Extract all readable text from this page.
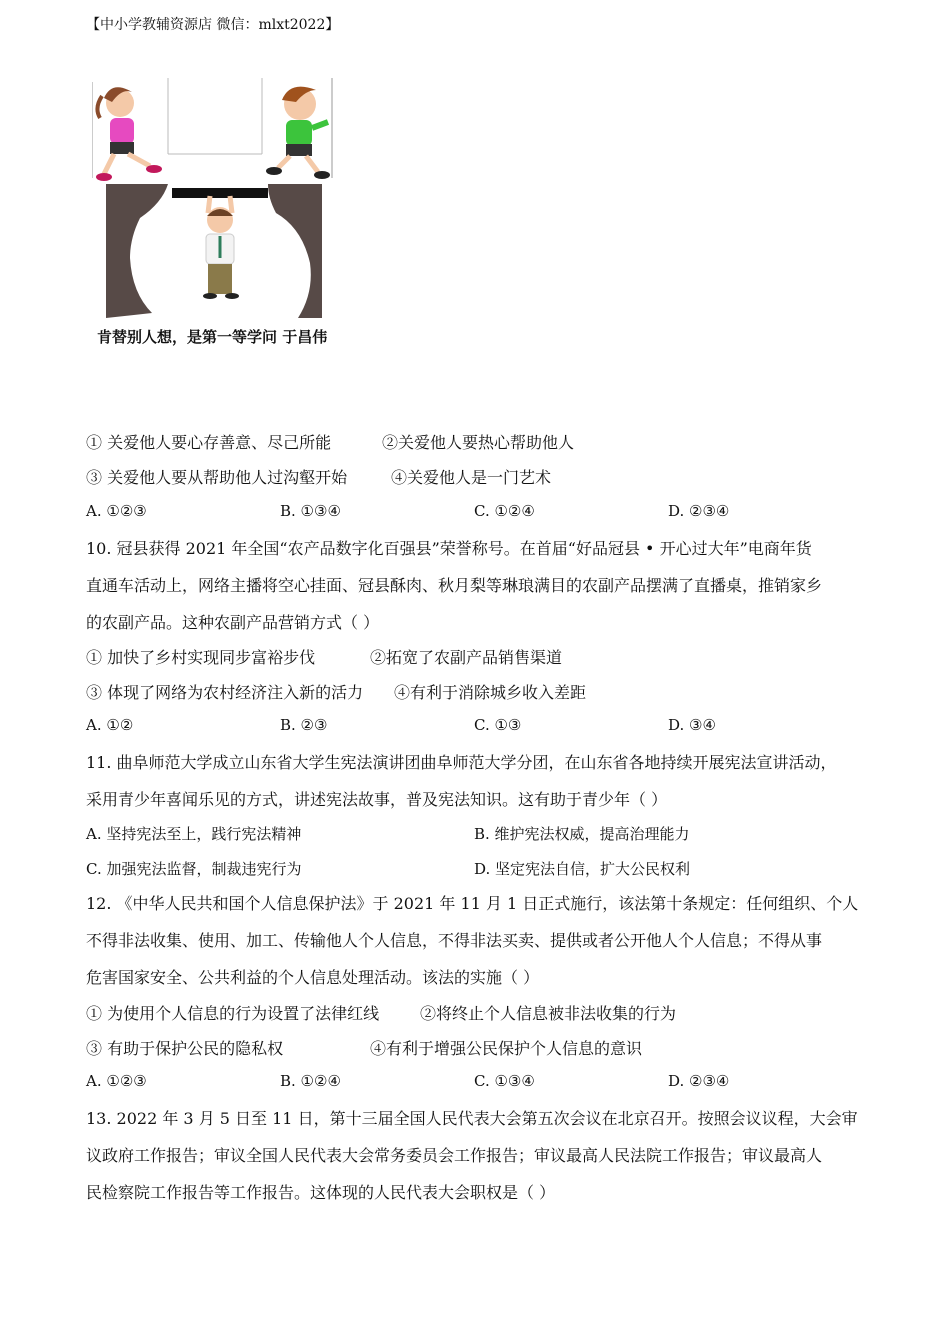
【中小学教辅资源店 微信：mlxt2022】
肯替别人想，是第一等学问 于昌伟
① 关爱他人要心存善意、尽己所能	②关爱他人要热心帮助他人
③ 关爱他人要从帮助他人过沟壑开始	④关爱他人是一门艺术
A. ①②③	B. ①③④	C. ①②④	D. ②③④
10. 冠县获得 2021 年全国“农产品数字化百强县”荣誉称号。在首届“好品冠县 • 开心过大年”电商年货
直通车活动上，网络主播将空心挂面、冠县酥肉、秋月梨等琳琅满目的农副产品摆满了直播桌，推销家乡
的农副产品。这种农副产品营销方式（ ）
① 加快了乡村实现同步富裕步伐	②拓宽了农副产品销售渠道
③ 体现了网络为农村经济注入新的活力 ④有利于消除城乡收入差距
A. ①②	B. ②③	C. ①③	D. ③④
11. 曲阜师范大学成立山东省大学生宪法演讲团曲阜师范大学分团，在山东省各地持续开展宪法宣讲活动，
采用青少年喜闻乐见的方式，讲述宪法故事，普及宪法知识。这有助于青少年（ ）
A. 坚持宪法至上，践行宪法精神	B. 维护宪法权威，提高治理能力
C. 加强宪法监督，制裁违宪行为	D. 坚定宪法自信，扩大公民权利
12. 《中华人民共和国个人信息保护法》于 2021 年 11 月 1 日正式施行，该法第十条规定：任何组织、个人
不得非法收集、使用、加工、传输他人个人信息，不得非法买卖、提供或者公开他人个人信息；不得从事
危害国家安全、公共利益的个人信息处理活动。该法的实施（ ）
① 为使用个人信息的行为设置了法律红线	②将终止个人信息被非法收集的行为
③ 有助于保护公民的隐私权	④有利于增强公民保护个人信息的意识
A. ①②③	B. ①②④	C. ①③④	D. ②③④
13. 2022 年 3 月 5 日至 11 日，第十三届全国人民代表大会第五次会议在北京召开。按照会议议程，大会审
议政府工作报告；审议全国人民代表大会常务委员会工作报告；审议最高人民法院工作报告；审议最高人
民检察院工作报告等工作报告。这体现的人民代表大会职权是（ ）
